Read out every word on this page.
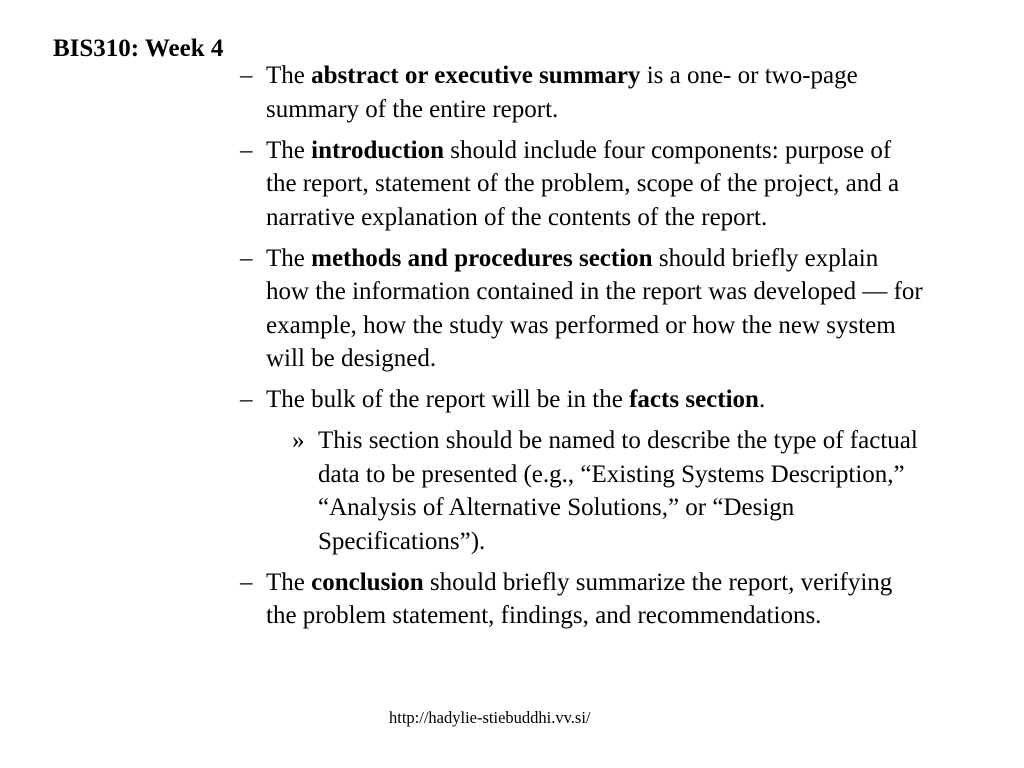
BIS310: Week 4
– The abstract or executive summary is a one- or two-page summary of the entire report.
– The introduction should include four components: purpose of the report, statement of the problem, scope of the project, and a narrative explanation of the contents of the report.
– The methods and procedures section should briefly explain how the information contained in the report was developed — for example, how the study was performed or how the new system will be designed.
– The bulk of the report will be in the facts section.
» This section should be named to describe the type of factual data to be presented (e.g., “Existing Systems Description,” “Analysis of Alternative Solutions,” or “Design Specifications”).
– The conclusion should briefly summarize the report, verifying the problem statement, findings, and recommendations.
http://hadylie-stiebuddhi.vv.si/
